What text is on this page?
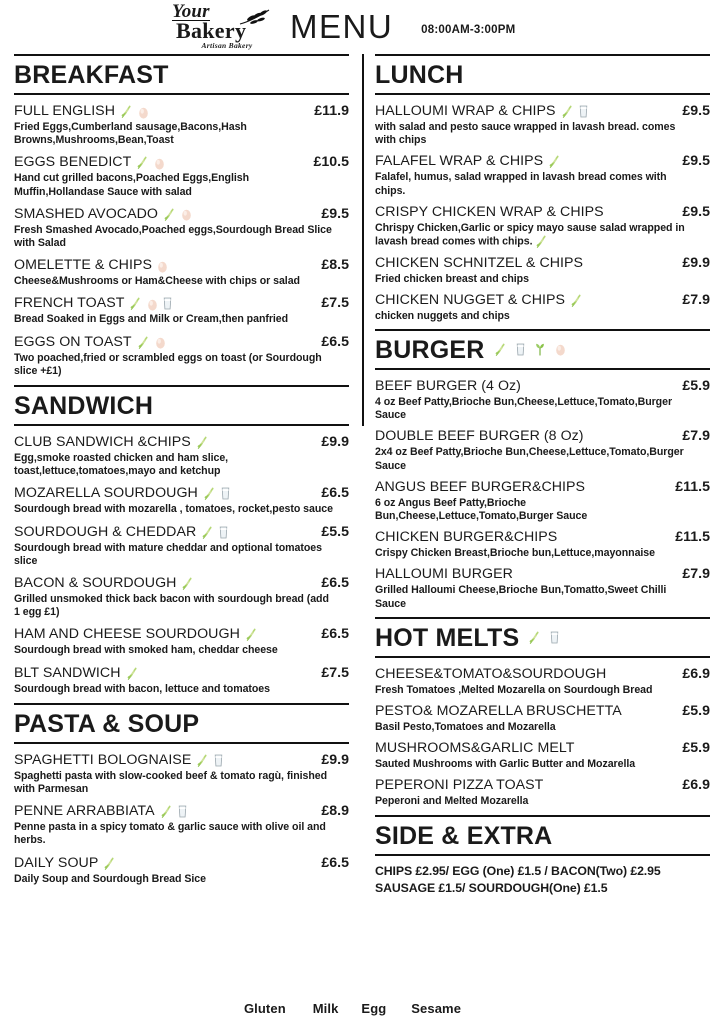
Your
Bakery
Artisan Bakery
MENU 08:00AM-3:00PM
BREAKFAST
FULL ENGLISH	£11.9
Fried Eggs,Cumberland sausage,Bacons,Hash Browns,Mushrooms,Bean,Toast
EGGS BENEDICT	£10.5
Hand cut grilled bacons,Poached Eggs,English Muffin,Hollandase Sauce with salad
SMASHED AVOCADO	£9.5
Fresh Smashed Avocado,Poached eggs,Sourdough Bread Slice with Salad
OMELETTE & CHIPS	£8.5
Cheese&Mushrooms or Ham&Cheese with chips or salad
FRENCH TOAST	£7.5
Bread Soaked in Eggs and Milk or Cream,then panfried
EGGS ON TOAST	£6.5
Two poached,fried or scrambled eggs on toast (or Sourdough slice +£1)
SANDWICH
CLUB SANDWICH &CHIPS	£9.9
Egg,smoke roasted chicken and ham slice, toast,lettuce,tomatoes,mayo and ketchup
MOZARELLA SOURDOUGH	£6.5
Sourdough bread with mozarella , tomatoes, rocket,pesto sauce
SOURDOUGH & CHEDDAR	£5.5
Sourdough bread with mature cheddar and optional tomatoes slice
BACON & SOURDOUGH	£6.5
Grilled unsmoked thick back bacon with sourdough bread (add 1 egg £1)
HAM AND CHEESE SOURDOUGH	£6.5
Sourdough bread with smoked ham, cheddar cheese
BLT SANDWICH	£7.5
Sourdough bread with bacon, lettuce and tomatoes
PASTA & SOUP
SPAGHETTI BOLOGNAISE	£9.9
Spaghetti pasta with slow-cooked beef & tomato ragù, finished with Parmesan
PENNE ARRABBIATA	£8.9
Penne pasta in a spicy tomato & garlic sauce with olive oil and herbs.
DAILY SOUP	£6.5
Daily Soup and Sourdough Bread Sice
LUNCH
HALLOUMI WRAP & CHIPS	£9.5
with salad and pesto sauce wrapped in lavash bread. comes with chips
FALAFEL WRAP & CHIPS	£9.5
Falafel, humus, salad wrapped in lavash bread comes with chips.
CRISPY CHICKEN WRAP & CHIPS	£9.5
Chrispy Chicken,Garlic or spicy mayo sause salad wrapped in lavash bread comes with chips.
CHICKEN SCHNITZEL & CHIPS	£9.9
Fried chicken breast and chips
CHICKEN NUGGET & CHIPS	£7.9
chicken nuggets and chips
BURGER
BEEF BURGER (4 Oz)	£5.9
4 oz Beef Patty,Brioche Bun,Cheese,Lettuce,Tomato,Burger Sauce
DOUBLE BEEF BURGER (8 Oz)	£7.9
2x4 oz Beef Patty,Brioche Bun,Cheese,Lettuce,Tomato,Burger Sauce
ANGUS BEEF BURGER&CHIPS	£11.5
6 oz Angus Beef Patty,Brioche Bun,Cheese,Lettuce,Tomato,Burger Sauce
CHICKEN BURGER&CHIPS	£11.5
Crispy Chicken Breast,Brioche bun,Lettuce,mayonnaise
HALLOUMI BURGER	£7.9
Grilled Halloumi Cheese,Brioche Bun,Tomatto,Sweet Chilli Sauce
HOT MELTS
CHEESE&TOMATO&SOURDOUGH	£6.9
Fresh Tomatoes ,Melted Mozarella on Sourdough Bread
PESTO& MOZARELLA BRUSCHETTA	£5.9
Basil Pesto,Tomatoes and Mozarella
MUSHROOMS&GARLIC MELT	£5.9
Sauted Mushrooms with Garlic Butter and Mozarella
PEPERONI PIZZA TOAST	£6.9
Peperoni and Melted Mozarella
SIDE & EXTRA
CHIPS £2.95/ EGG (One) £1.5 / BACON(Two) £2.95
SAUSAGE £1.5/ SOURDOUGH(One) £1.5
Gluten Milk Egg Sesame
